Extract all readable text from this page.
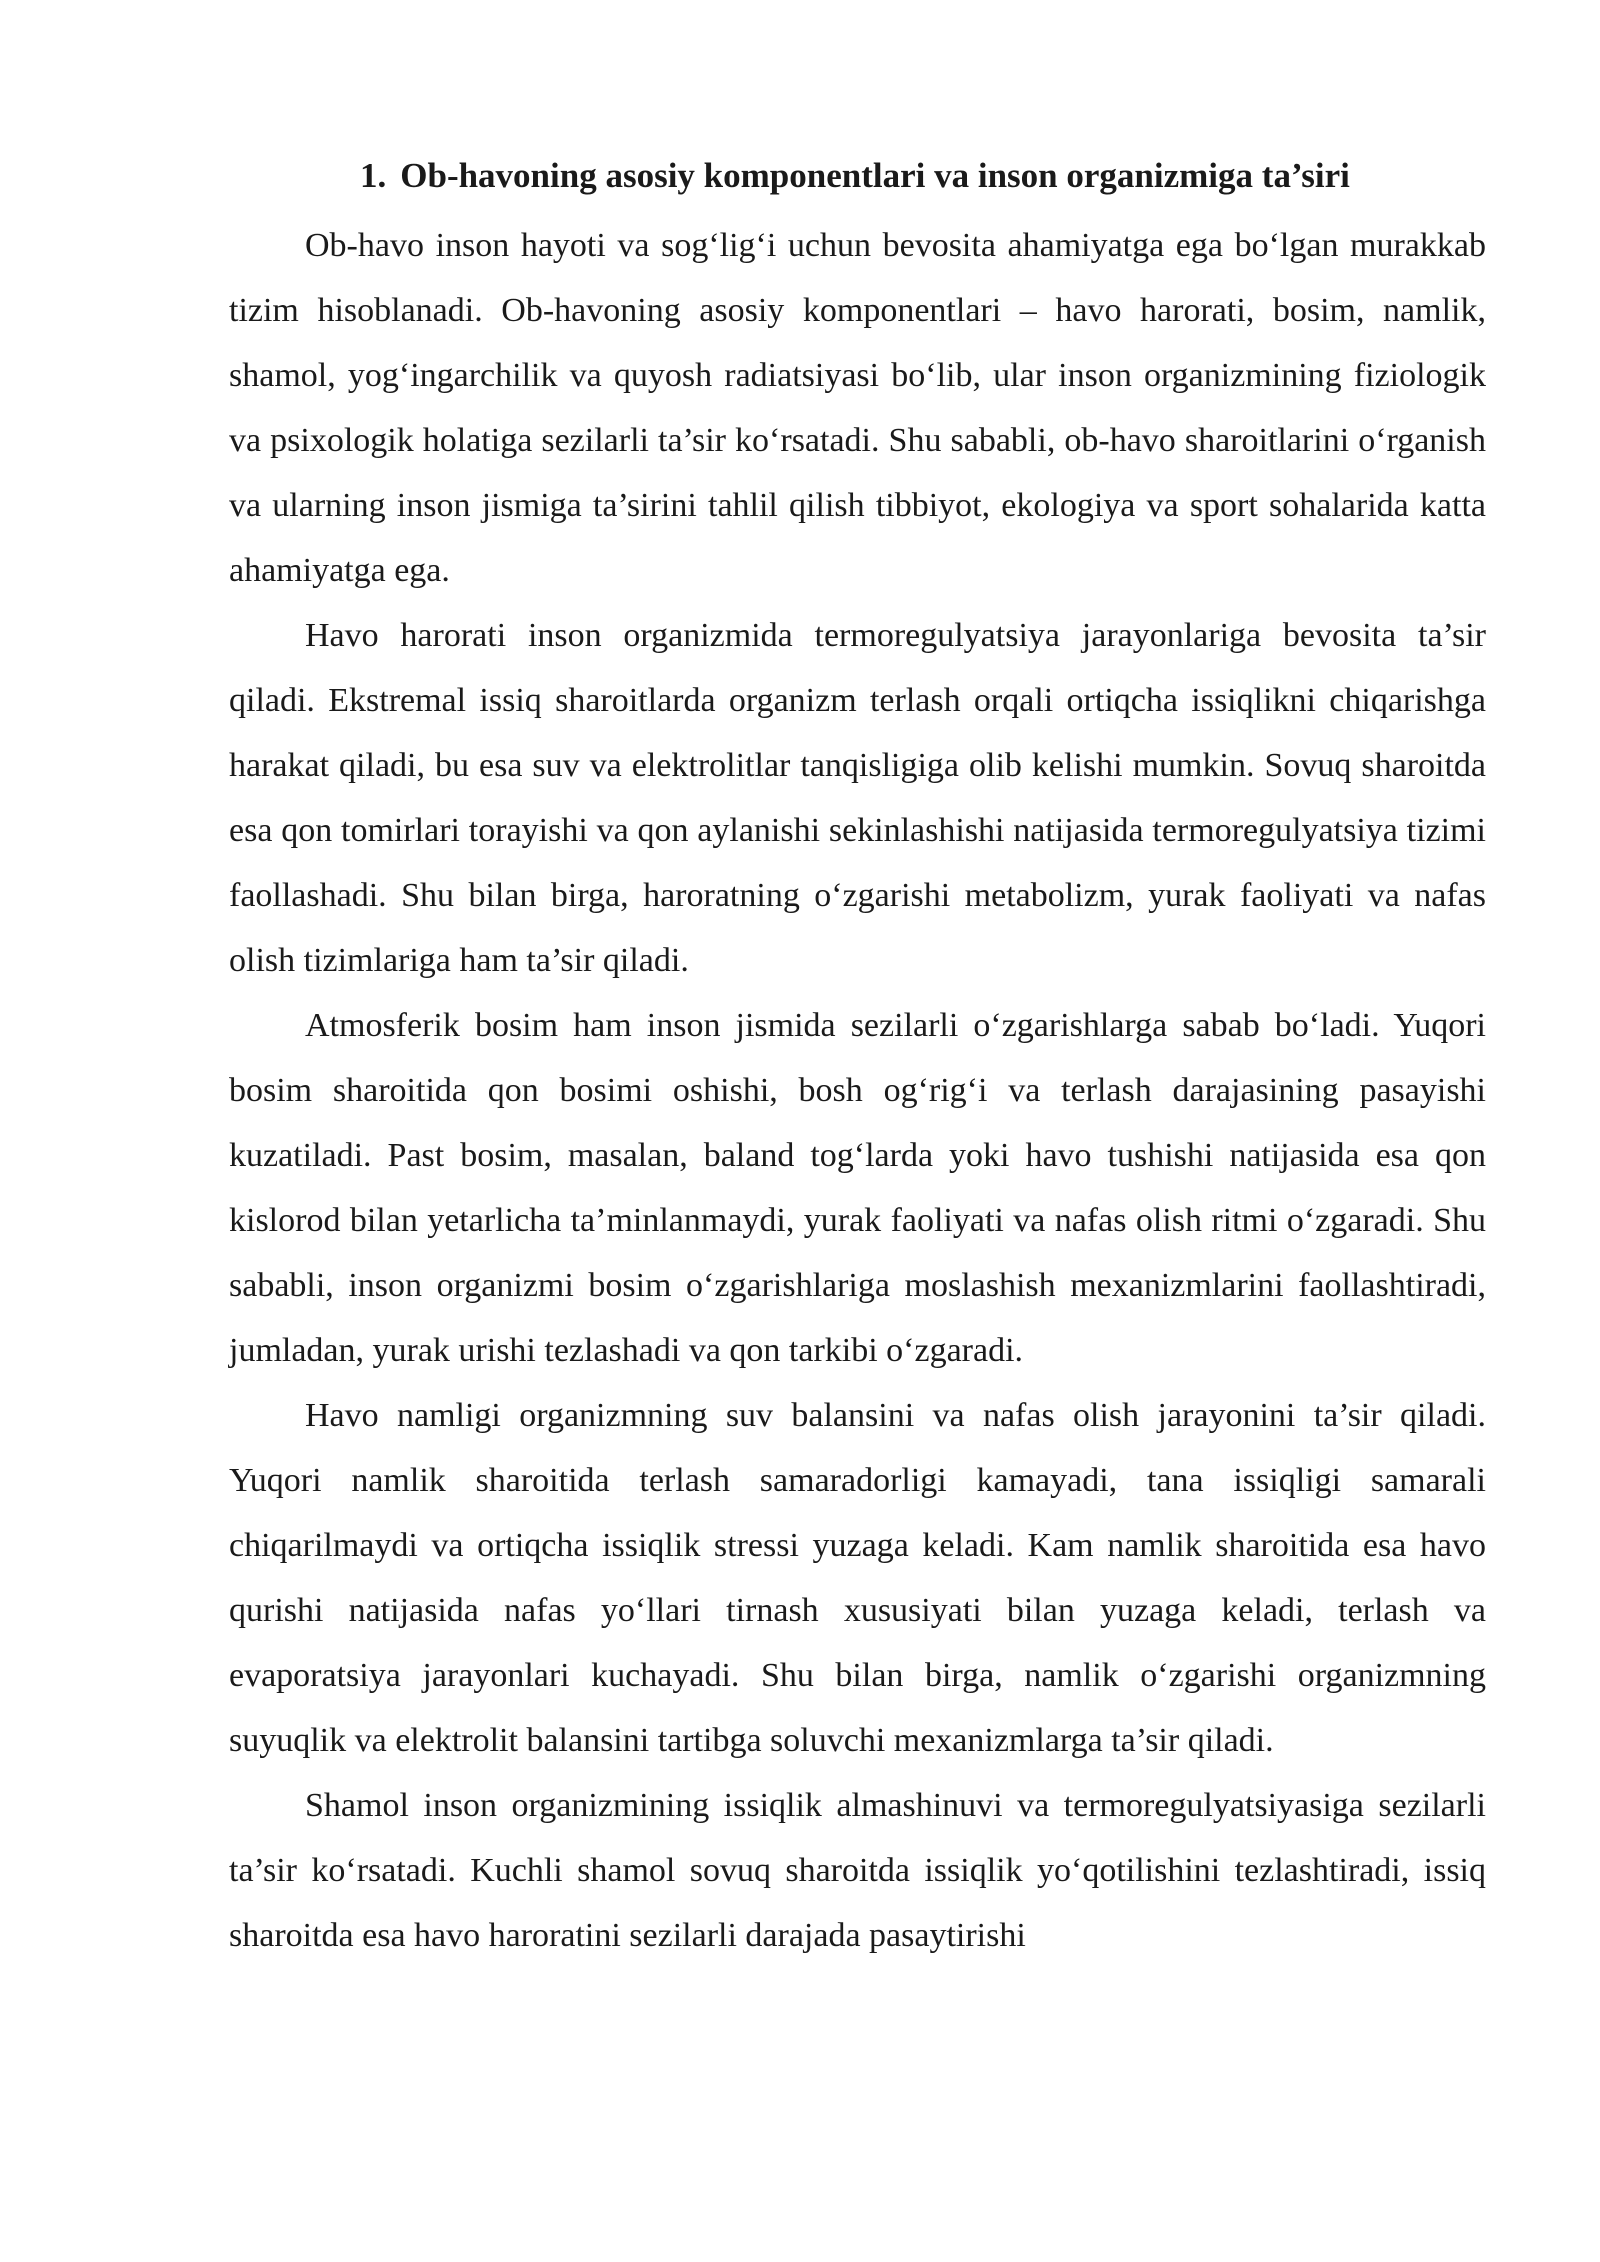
1. Ob-havoning asosiy komponentlari va inson organizmiga ta’siri

Ob-havo inson hayoti va sog‘lig‘i uchun bevosita ahamiyatga ega bo‘lgan murakkab tizim hisoblanadi. Ob-havoning asosiy komponentlari – havo harorati, bosim, namlik, shamol, yog‘ingarchilik va quyosh radiatsiyasi bo‘lib, ular inson organizmining fiziologik va psixologik holatiga sezilarli ta’sir ko‘rsatadi. Shu sababli, ob-havo sharoitlarini o‘rganish va ularning inson jismiga ta’sirini tahlil qilish tibbiyot, ekologiya va sport sohalarida katta ahamiyatga ega.

Havo harorati inson organizmida termoregulyatsiya jarayonlariga bevosita ta’sir qiladi. Ekstremal issiq sharoitlarda organizm terlash orqali ortiqcha issiqlikni chiqarishga harakat qiladi, bu esa suv va elektrolitlar tanqisligiga olib kelishi mumkin. Sovuq sharoitda esa qon tomirlari torayishi va qon aylanishi sekinlashishi natijasida termoregulyatsiya tizimi faollashadi. Shu bilan birga, haroratning o‘zgarishi metabolizm, yurak faoliyati va nafas olish tizimlariga ham ta’sir qiladi.

Atmosferik bosim ham inson jismida sezilarli o‘zgarishlarga sabab bo‘ladi. Yuqori bosim sharoitida qon bosimi oshishi, bosh og‘rig‘i va terlash darajasining pasayishi kuzatiladi. Past bosim, masalan, baland tog‘larda yoki havo tushishi natijasida esa qon kislorod bilan yetarlicha ta’minlanmaydi, yurak faoliyati va nafas olish ritmi o‘zgaradi. Shu sababli, inson organizmi bosim o‘zgarishlariga moslashish mexanizmlarini faollashtiradi, jumladan, yurak urishi tezlashadi va qon tarkibi o‘zgaradi.

Havo namligi organizmning suv balansini va nafas olish jarayonini ta’sir qiladi. Yuqori namlik sharoitida terlash samaradorligi kamayadi, tana issiqligi samarali chiqarilmaydi va ortiqcha issiqlik stressi yuzaga keladi. Kam namlik sharoitida esa havo qurishi natijasida nafas yo‘llari tirnash xususiyati bilan yuzaga keladi, terlash va evaporatsiya jarayonlari kuchayadi. Shu bilan birga, namlik o‘zgarishi organizmning suyuqlik va elektrolit balansini tartibga soluvchi mexanizmlarga ta’sir qiladi.

Shamol inson organizmining issiqlik almashinuvi va termoregulyatsiyasiga sezilarli ta’sir ko‘rsatadi. Kuchli shamol sovuq sharoitda issiqlik yo‘qotilishini tezlashtiradi, issiq sharoitda esa havo haroratini sezilarli darajada pasaytirishi
